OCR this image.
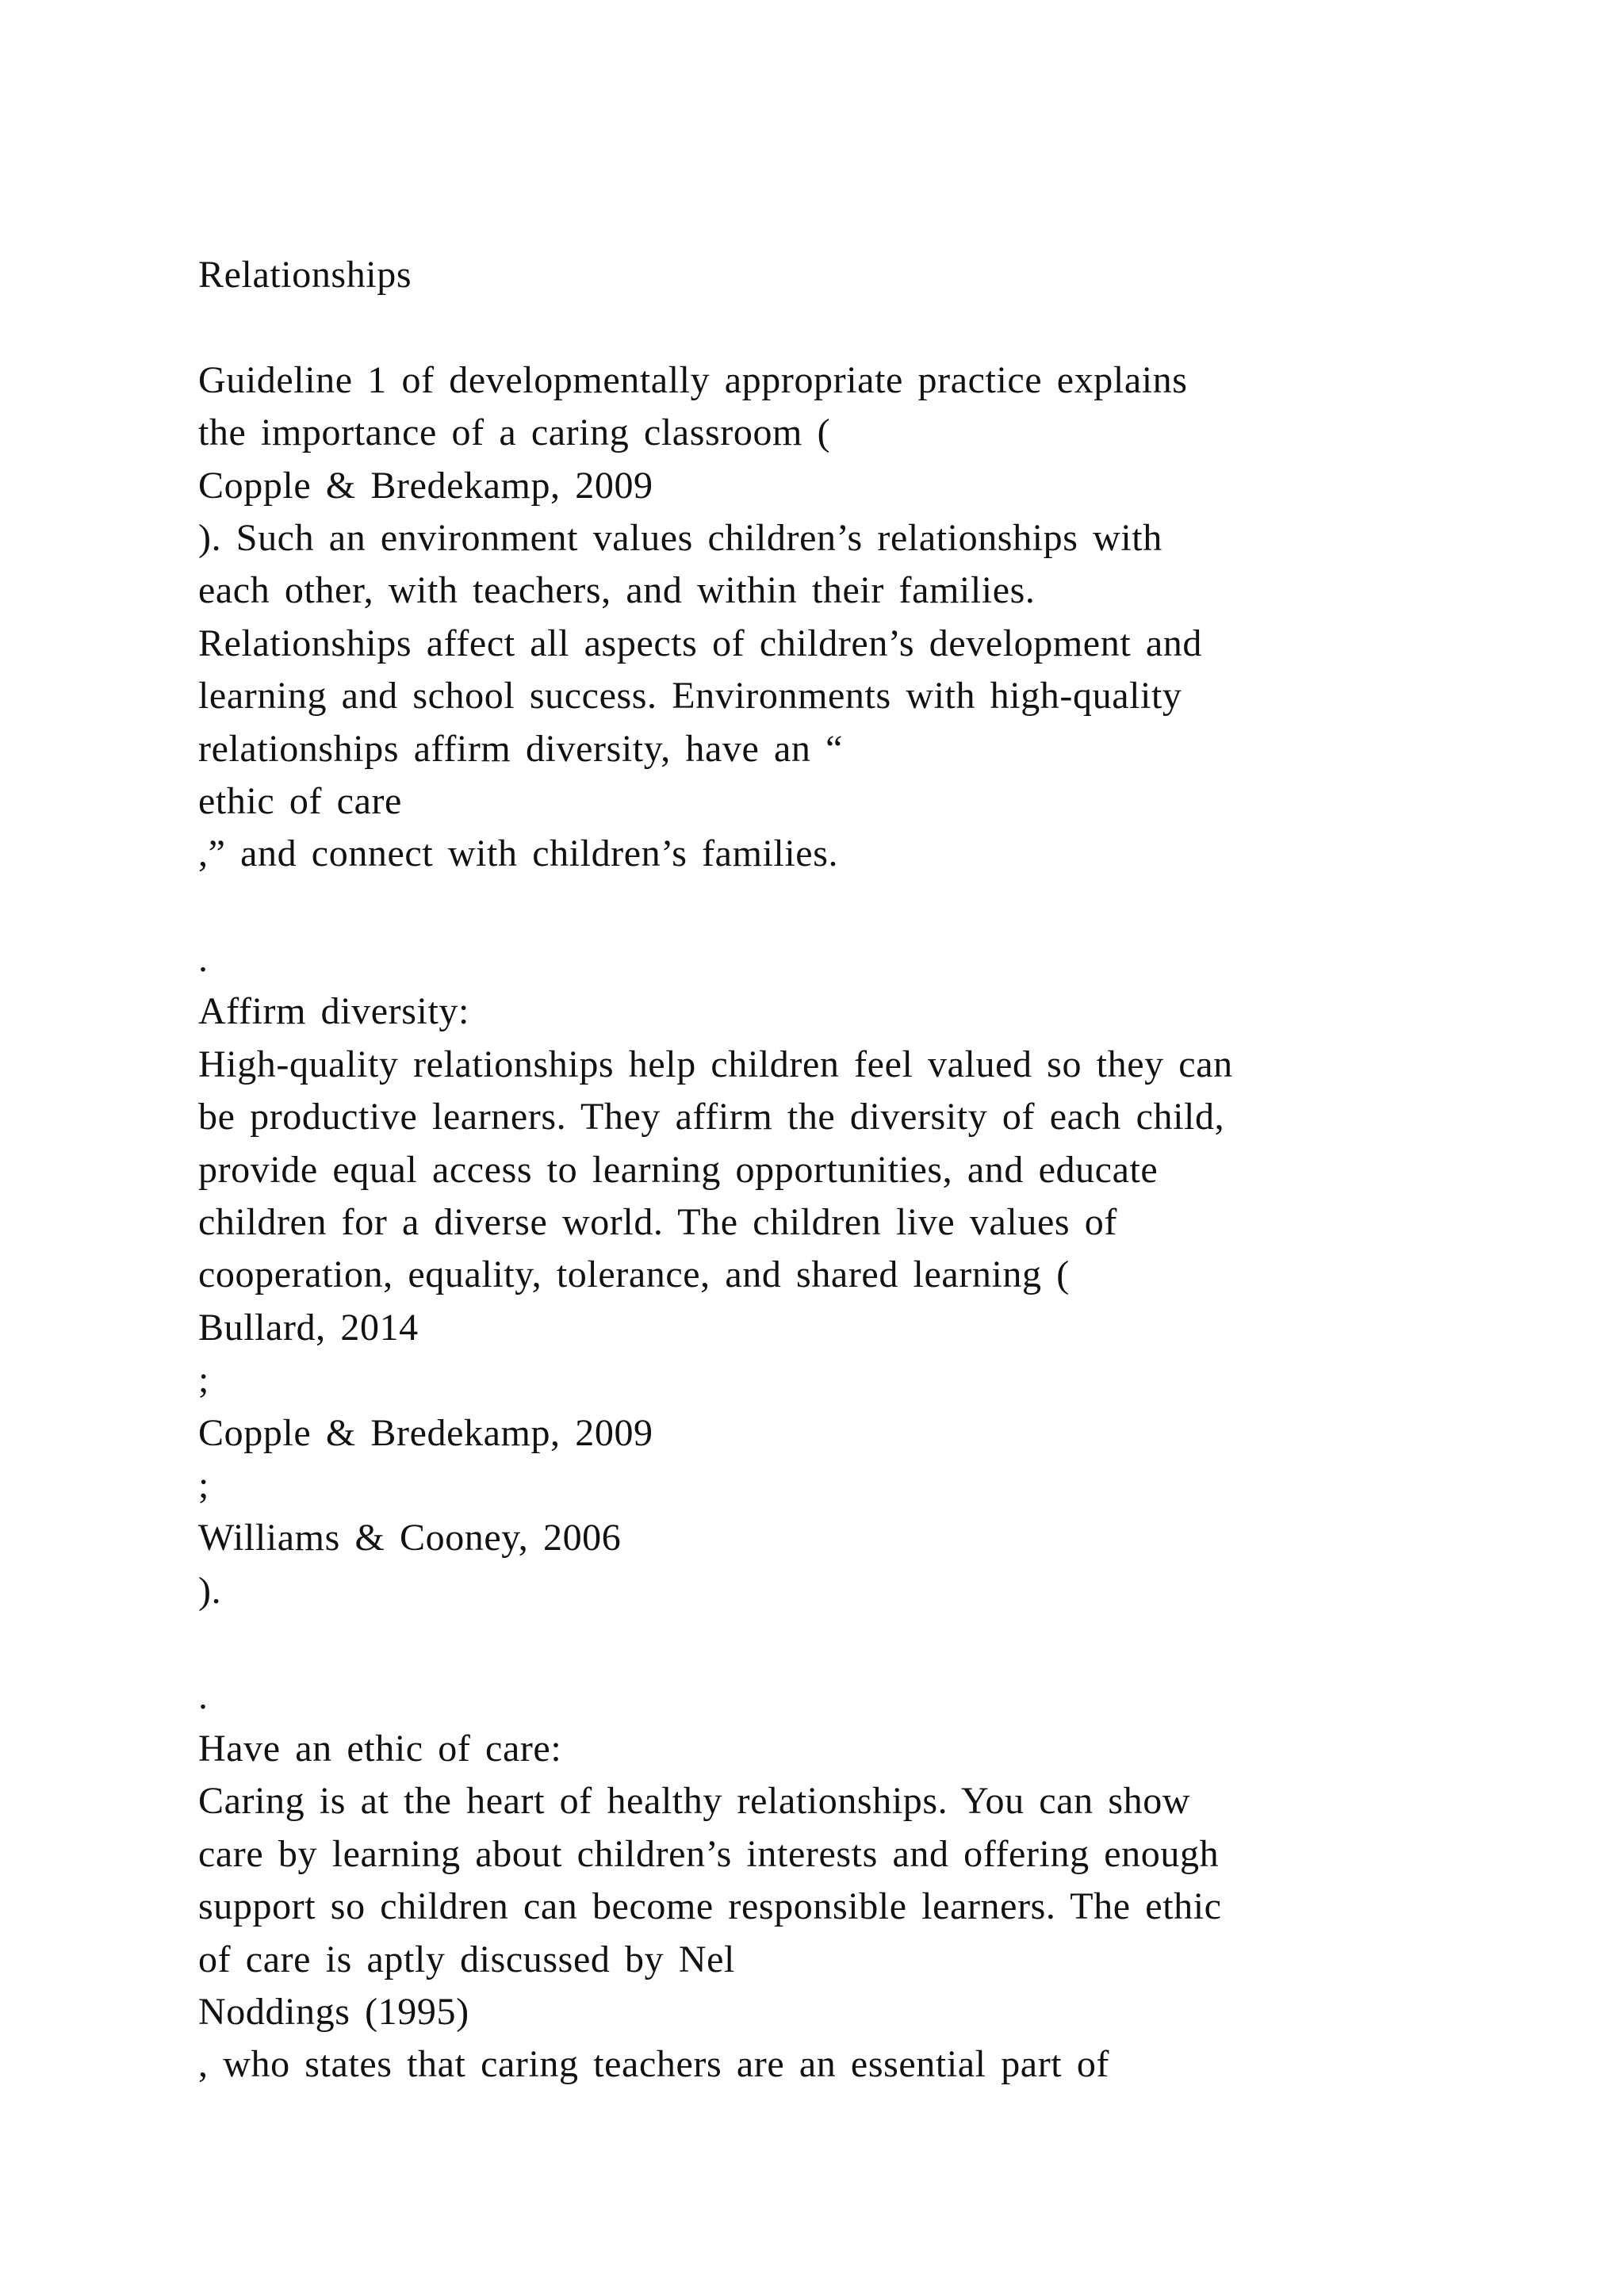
Relationships
Guideline 1 of developmentally appropriate practice explains
the importance of a caring classroom (
Copple & Bredekamp, 2009
). Such an environment values children’s relationships with
each other, with teachers, and within their families.
Relationships affect all aspects of children’s development and
learning and school success. Environments with high-quality
relationships affirm diversity, have an “
ethic of care
,” and connect with children’s families.
.
Affirm diversity:
High-quality relationships help children feel valued so they can
be productive learners. They affirm the diversity of each child,
provide equal access to learning opportunities, and educate
children for a diverse world. The children live values of
cooperation, equality, tolerance, and shared learning (
Bullard, 2014
;
Copple & Bredekamp, 2009
;
Williams & Cooney, 2006
).
.
Have an ethic of care:
Caring is at the heart of healthy relationships. You can show
care by learning about children’s interests and offering enough
support so children can become responsible learners. The ethic
of care is aptly discussed by Nel
Noddings (1995)
, who states that caring teachers are an essential part of
